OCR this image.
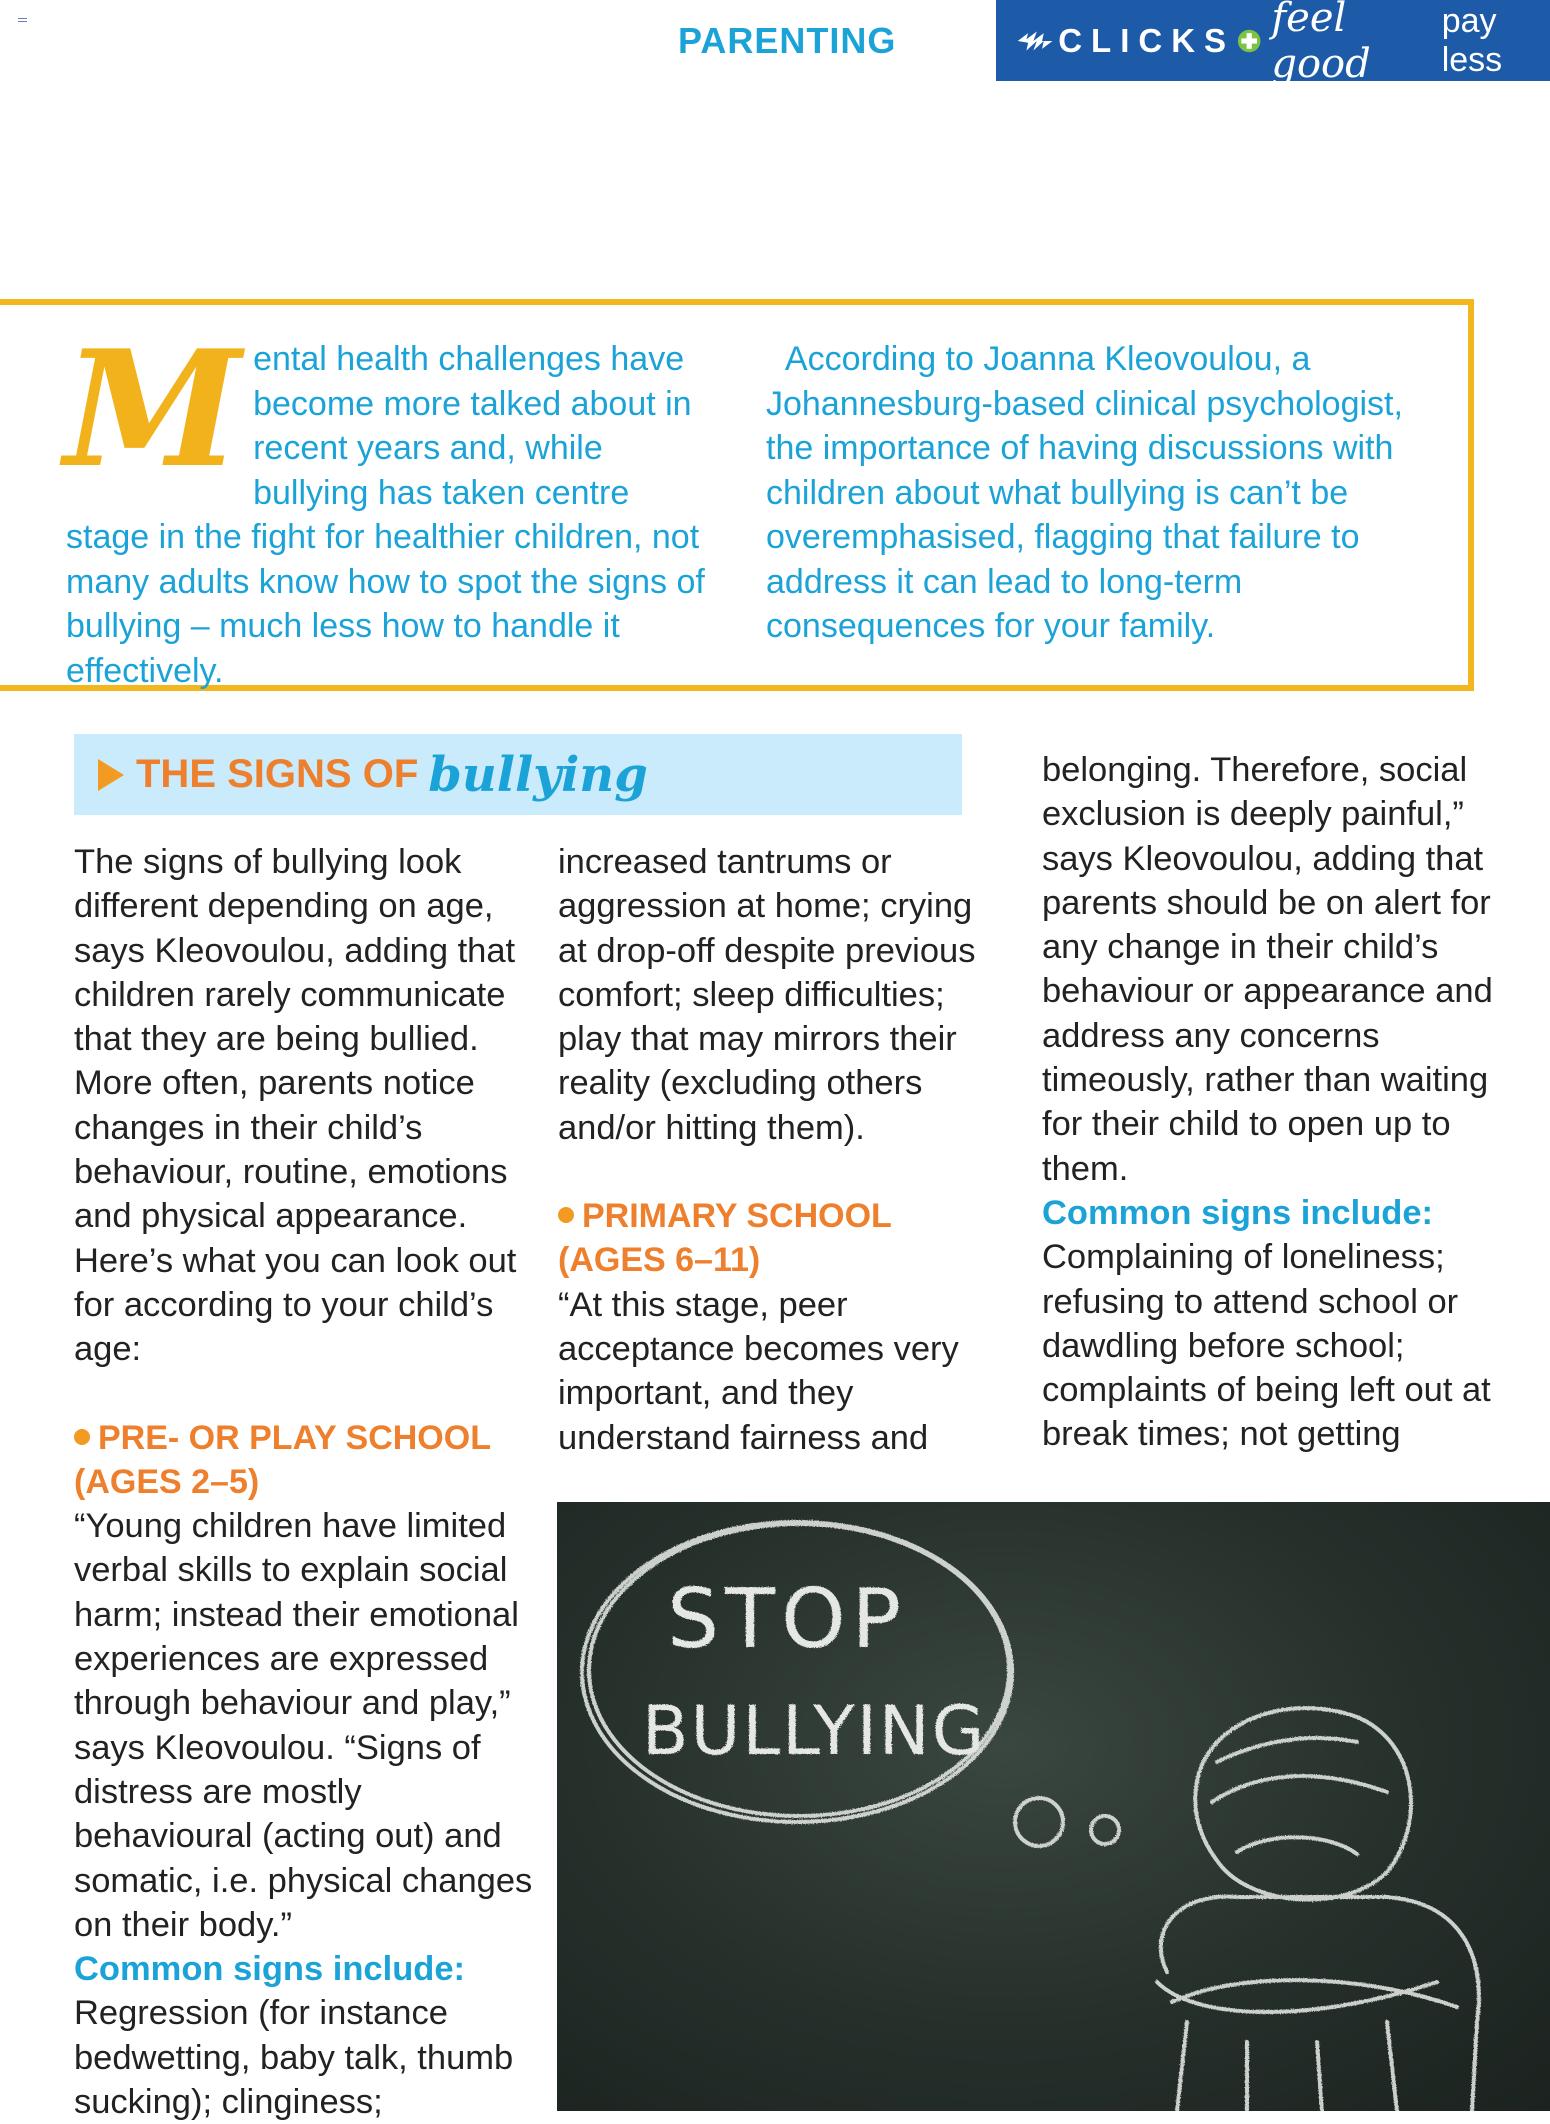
PARENTING	CLICKS feel good
pay less

Mental health challenges have become more talked about in recent years and, while bullying has taken centre stage in the fight for healthier children, not many adults know how to spot the signs of bullying – much less how to handle it effectively.

According to Joanna Kleovoulou, a Johannesburg-based clinical psychologist, the importance of having discussions with children about what bullying is can’t be overemphasised, flagging that failure to address it can lead to long-term consequences for your family.

THE SIGNS OF bullying

The signs of bullying look different depending on age, says Kleovoulou, adding that children rarely communicate that they are being bullied. More often, parents notice changes in their child’s behaviour, routine, emotions and physical appearance. Here’s what you can look out for according to your child’s age:

PRE- OR PLAY SCHOOL

(AGES 2–5)

“Young children have limited verbal skills to explain social harm; instead their emotional experiences are expressed through behaviour and play,” says Kleovoulou. “Signs of distress are mostly behavioural (acting out) and somatic, i.e. physical changes on their body.”

Common signs include:

Regression (for instance bedwetting, baby talk, thumb sucking); clinginess;

increased tantrums or aggression at home; crying at drop-off despite previous comfort; sleep difficulties; play that may mirrors their reality (excluding others and/or hitting them).

PRIMARY SCHOOL

(AGES 6–11)

“At this stage, peer acceptance becomes very important, and they understand fairness and

belonging. Therefore, social exclusion is deeply painful,” says Kleovoulou, adding that parents should be on alert for any change in their child’s behaviour or appearance and address any concerns timeously, rather than waiting for their child to open up to them.

Common signs include:

Complaining of loneliness; refusing to attend school or dawdling before school; complaints of being left out at break times; not getting

STOP
BULLYING
